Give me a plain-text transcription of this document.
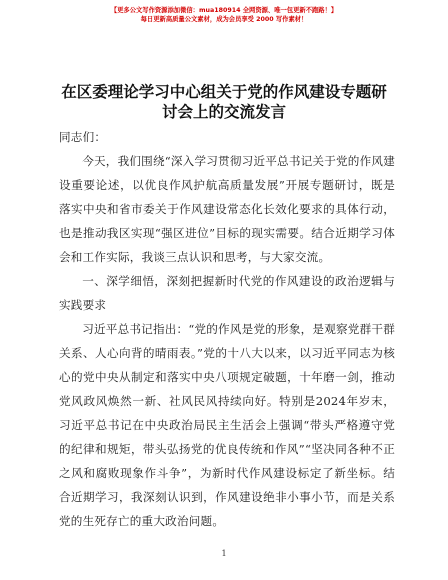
【更多公文写作资源添加微信：mua180914 全网资源、唯一包更新不跑路！】
每日更新高质量公文素材，成为会员享受 2000 写作素材！
在区委理论学习中心组关于党的作风建设专题研讨会上的交流发言

同志们：

今天，我们围绕“深入学习贯彻习近平总书记关于党的作风建设重要论述，以优良作风护航高质量发展”开展专题研讨，既是落实中央和省市委关于作风建设常态化长效化要求的具体行动，也是推动我区实现“强区进位”目标的现实需要。结合近期学习体会和工作实际，我谈三点认识和思考，与大家交流。

一、深学细悟，深刻把握新时代党的作风建设的政治逻辑与实践要求

习近平总书记指出：“党的作风是党的形象，是观察党群干群关系、人心向背的晴雨表。”党的十八大以来，以习近平同志为核心的党中央从制定和落实中央八项规定破题，十年磨一剑，推动党风政风焕然一新、社风民风持续向好。特别是2024年岁末，习近平总书记在中央政治局民主生活会上强调“带头严格遵守党的纪律和规矩，带头弘扬党的优良传统和作风”“坚决同各种不正之风和腐败现象作斗争”，为新时代作风建设标定了新坐标。结合近期学习，我深刻认识到，作风建设绝非小事小节，而是关系党的生死存亡的重大政治问题。

1
